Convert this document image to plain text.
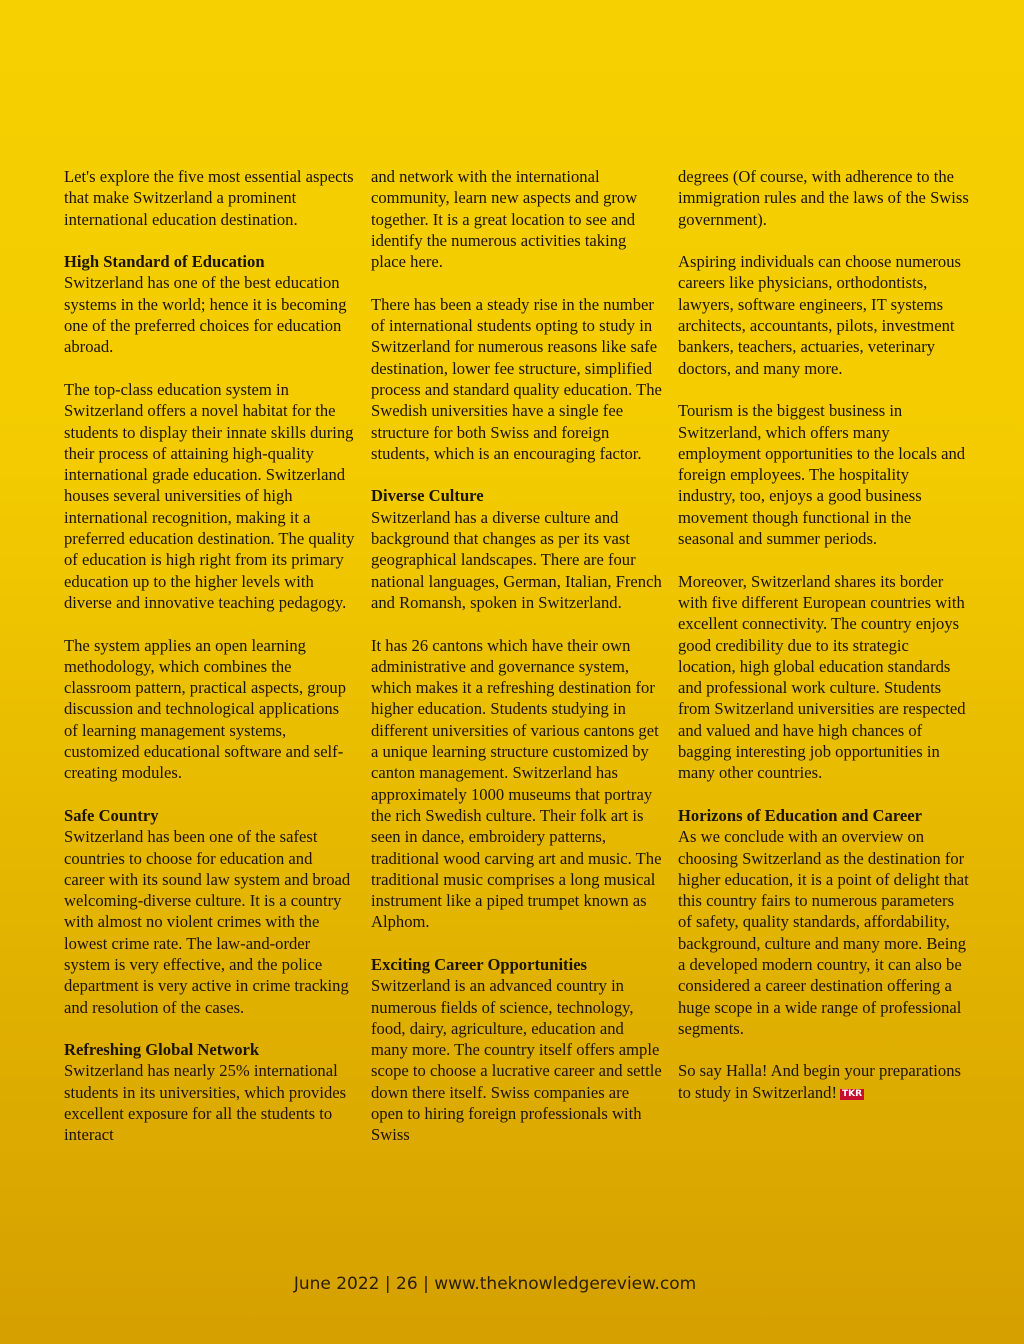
Let's explore the five most essential aspects that make Switzerland a prominent international education destination.

High Standard of Education

Switzerland has one of the best education systems in the world; hence it is becoming one of the preferred choices for education abroad.

The top-class education system in Switzerland offers a novel habitat for the students to display their innate skills during their process of attaining high-quality international grade education. Switzerland houses several universities of high international recognition, making it a preferred education destination. The quality of education is high right from its primary education up to the higher levels with diverse and innovative teaching pedagogy.

The system applies an open learning methodology, which combines the classroom pattern, practical aspects, group discussion and technological applications of learning management systems, customized educational software and self-creating modules.

Safe Country

Switzerland has been one of the safest countries to choose for education and career with its sound law system and broad welcoming-diverse culture. It is a country with almost no violent crimes with the lowest crime rate. The law-and-order system is very effective, and the police department is very active in crime tracking and resolution of the cases.

Refreshing Global Network

Switzerland has nearly 25% international students in its universities, which provides excellent exposure for all the students to interact

and network with the international community, learn new aspects and grow together. It is a great location to see and identify the numerous activities taking place here.

There has been a steady rise in the number of international students opting to study in Switzerland for numerous reasons like safe destination, lower fee structure, simplified process and standard quality education. The Swedish universities have a single fee structure for both Swiss and foreign students, which is an encouraging factor.

Diverse Culture

Switzerland has a diverse culture and background that changes as per its vast geographical landscapes. There are four national languages, German, Italian, French and Romansh, spoken in Switzerland.

It has 26 cantons which have their own administrative and governance system, which makes it a refreshing destination for higher education. Students studying in different universities of various cantons get a unique learning structure customized by canton management. Switzerland has approximately 1000 museums that portray the rich Swedish culture. Their folk art is seen in dance, embroidery patterns, traditional wood carving art and music. The traditional music comprises a long musical instrument like a piped trumpet known as Alphom.

Exciting Career Opportunities

Switzerland is an advanced country in numerous fields of science, technology, food, dairy, agriculture, education and many more. The country itself offers ample scope to choose a lucrative career and settle down there itself. Swiss companies are open to hiring foreign professionals with Swiss

degrees (Of course, with adherence to the immigration rules and the laws of the Swiss government).

Aspiring individuals can choose numerous careers like physicians, orthodontists, lawyers, software engineers, IT systems architects, accountants, pilots, investment bankers, teachers, actuaries, veterinary doctors, and many more.

Tourism is the biggest business in Switzerland, which offers many employment opportunities to the locals and foreign employees. The hospitality industry, too, enjoys a good business movement though functional in the seasonal and summer periods.

Moreover, Switzerland shares its border with five different European countries with excellent connectivity. The country enjoys good credibility due to its strategic location, high global education standards and professional work culture. Students from Switzerland universities are respected and valued and have high chances of bagging interesting job opportunities in many other countries.

Horizons of Education and Career

As we conclude with an overview on choosing Switzerland as the destination for higher education, it is a point of delight that this country fairs to numerous parameters of safety, quality standards, affordability, background, culture and many more. Being a developed modern country, it can also be considered a career destination offering a huge scope in a wide range of professional segments.

So say Halla! And begin your preparations to study in Switzerland! TKR

June 2022 | 26 | www.theknowledgereview.com
